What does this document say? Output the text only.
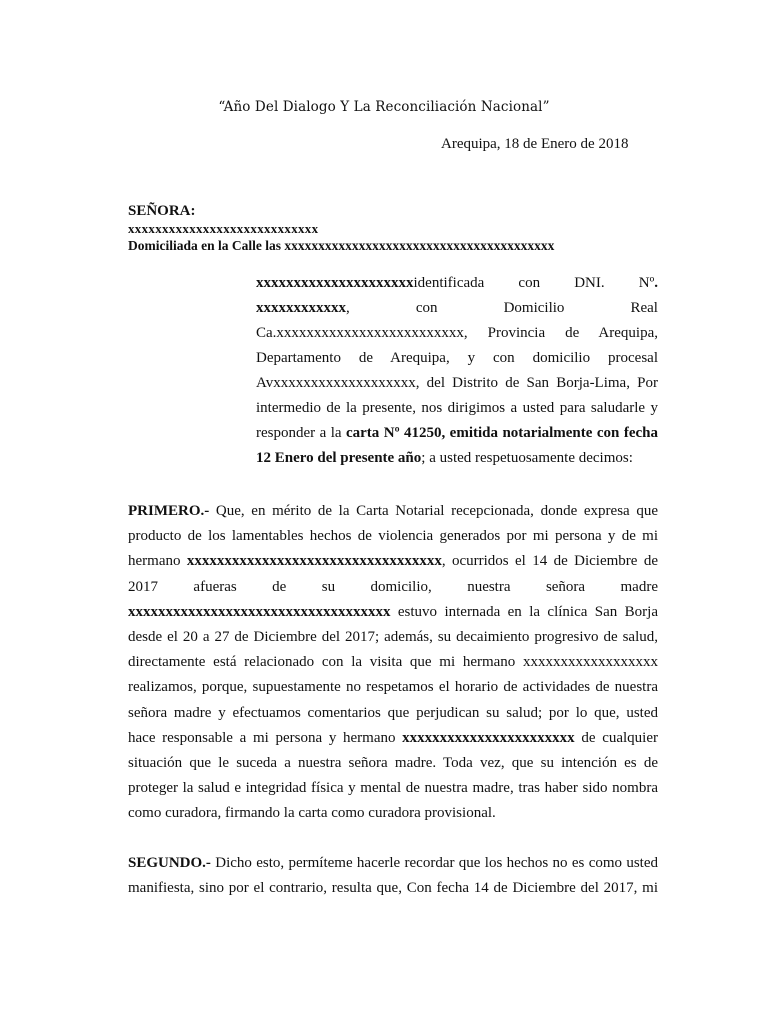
“Año Del Dialogo Y La Reconciliación Nacional”
Arequipa, 18 de Enero de 2018
SEÑORA:
xxxxxxxxxxxxxxxxxxxxxxxxxxxx
Domiciliada en la Calle las xxxxxxxxxxxxxxxxxxxxxxxxxxxxxxxxxxxxxxxx
xxxxxxxxxxxxxxxxxxxxxidentificada con DNI. Nº.
xxxxxxxxxxxx,	con	Domicilio	Real
Ca.xxxxxxxxxxxxxxxxxxxxxxxxx, Provincia de Arequipa,
Departamento de Arequipa, y con domicilio procesal
Avxxxxxxxxxxxxxxxxxxx, del Distrito de San Borja-Lima, Por
intermedio de la presente, nos dirigimos a usted para saludarle y
responder a la carta Nº 41250, emitida notarialmente con fecha
12 Enero del presente año; a usted respetuosamente decimos:
PRIMERO.- Que, en mérito de la Carta Notarial recepcionada, donde expresa que
producto de los lamentables hechos de violencia generados por mi persona y de mi
hermano xxxxxxxxxxxxxxxxxxxxxxxxxxxxxxxxxx, ocurridos el 14 de Diciembre de
2017 afueras de su domicilio, nuestra señora madre
xxxxxxxxxxxxxxxxxxxxxxxxxxxxxxxxxxx estuvo internada en la clínica San Borja
desde el 20 a 27 de Diciembre del 2017; además, su decaimiento progresivo de salud,
directamente está relacionado con la visita que mi hermano xxxxxxxxxxxxxxxxxx
realizamos, porque, supuestamente no respetamos el horario de actividades de nuestra
señora madre y efectuamos comentarios que perjudican su salud; por lo que, usted
hace responsable a mi persona y hermano xxxxxxxxxxxxxxxxxxxxxxx de cualquier
situación que le suceda a nuestra señora madre. Toda vez, que su intención es de
proteger la salud e integridad física y mental de nuestra madre, tras haber sido nombra
como curadora, firmando la carta como curadora provisional.
SEGUNDO.- Dicho esto, permíteme hacerle recordar que los hechos no es como usted
manifiesta, sino por el contrario, resulta que, Con fecha 14 de Diciembre del 2017, mi
